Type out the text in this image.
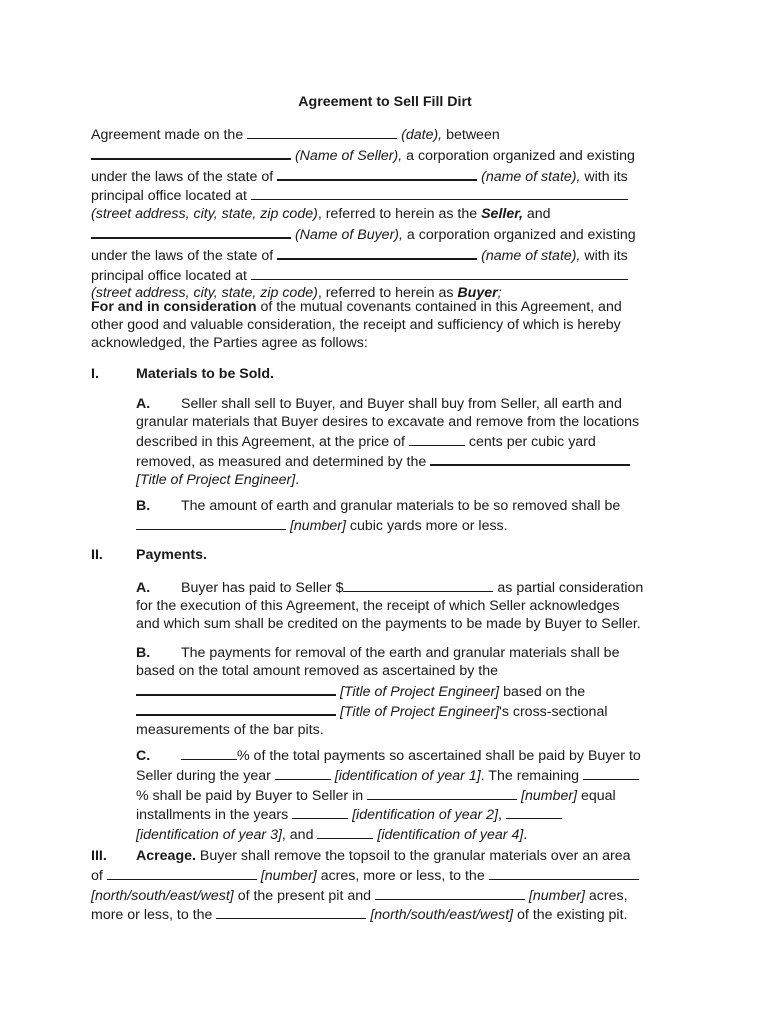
Agreement to Sell Fill Dirt
Agreement made on the	(date), between
(Name of Seller), a corporation organized and existing
under the laws of the state of	(name of state), with its
principal office located at
(street address, city, state, zip code), referred to herein as the Seller, and
(Name of Buyer), a corporation organized and existing
under the laws of the state of	(name of state), with its
principal office located at
(street address, city, state, zip code), referred to herein as Buyer;
For and in consideration of the mutual covenants contained in this Agreement, and
other good and valuable consideration, the receipt and sufficiency of which is hereby
acknowledged, the Parties agree as follows:
I.	Materials to be Sold.
A. Seller shall sell to Buyer, and Buyer shall buy from Seller, all earth and
granular materials that Buyer desires to excavate and remove from the locations
described in this Agreement, at the price of	cents per cubic yard
removed, as measured and determined by the
[Title of Project Engineer].
B. The amount of earth and granular materials to be so removed shall be
[number] cubic yards more or less.
II. Payments.
A. Buyer has paid to Seller $	as partial consideration
for the execution of this Agreement, the receipt of which Seller acknowledges
and which sum shall be credited on the payments to be made by Buyer to Seller.
B. The payments for removal of the earth and granular materials shall be
based on the total amount removed as ascertained by the
[Title of Project Engineer] based on the
[Title of Project Engineer]'s cross-sectional
measurements of the bar pits.
C.	% of the total payments so ascertained shall be paid by Buyer to
Seller during the year	[identification of year 1]. The remaining
% shall be paid by Buyer to Seller in	[number] equal
installments in the years	[identification of year 2],
[identification of year 3], and	[identification of year 4].
III. Acreage. Buyer shall remove the topsoil to the granular materials over an area
of	[number] acres, more or less, to the
[north/south/east/west] of the present pit and	[number] acres,
more or less, to the	[north/south/east/west] of the existing pit.
